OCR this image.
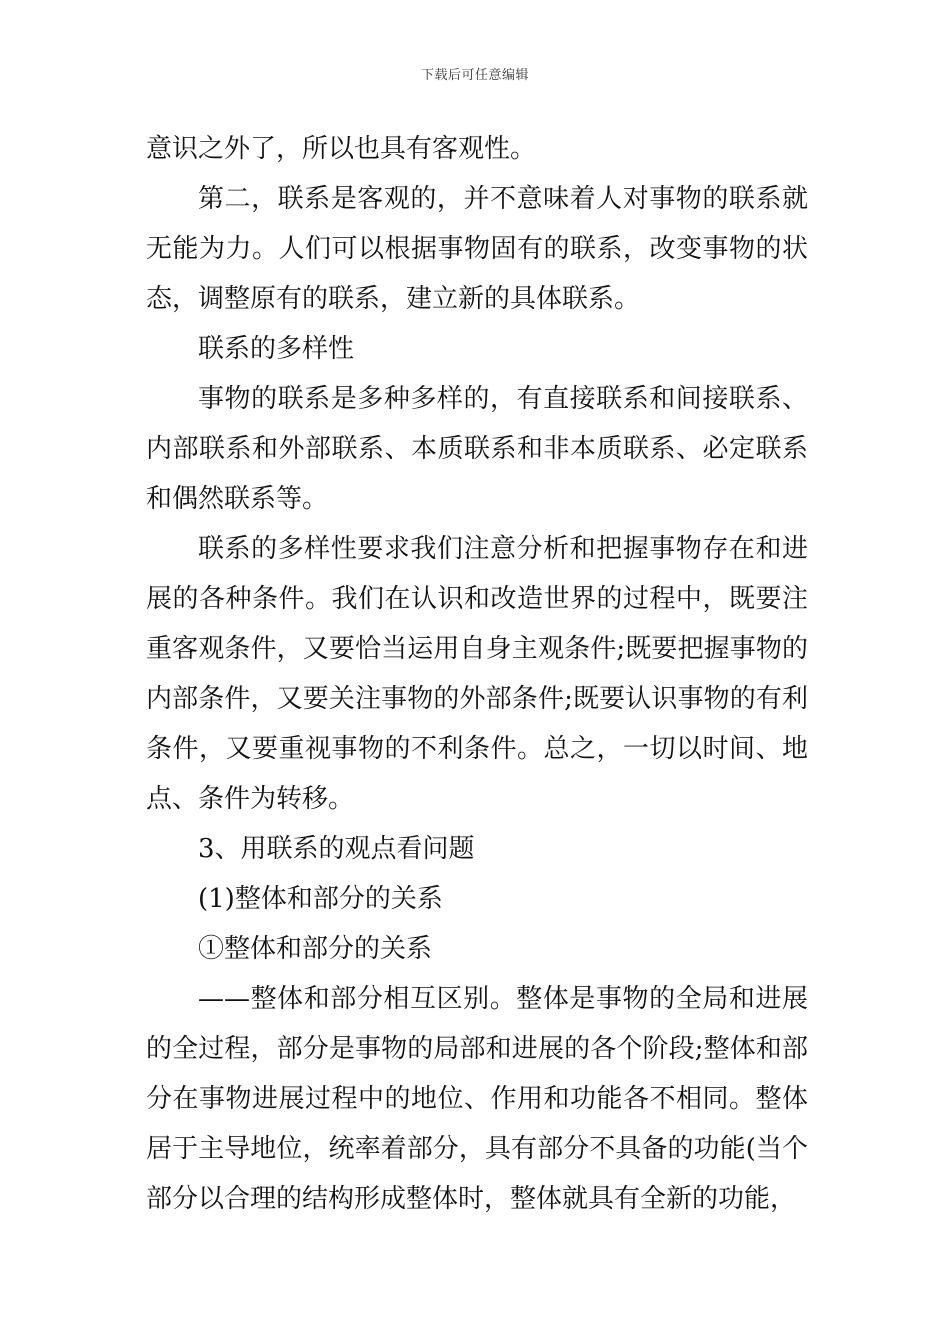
下载后可任意编辑

意识之外了，所以也具有客观性。

第二，联系是客观的，并不意味着人对事物的联系就无能为力。人们可以根据事物固有的联系，改变事物的状态，调整原有的联系，建立新的具体联系。

联系的多样性

事物的联系是多种多样的，有直接联系和间接联系、内部联系和外部联系、本质联系和非本质联系、必定联系和偶然联系等。

联系的多样性要求我们注意分析和把握事物存在和进展的各种条件。我们在认识和改造世界的过程中，既要注重客观条件，又要恰当运用自身主观条件;既要把握事物的内部条件，又要关注事物的外部条件;既要认识事物的有利条件，又要重视事物的不利条件。总之，一切以时间、地点、条件为转移。

3、用联系的观点看问题

(1)整体和部分的关系

①整体和部分的关系

——整体和部分相互区别。整体是事物的全局和进展的全过程，部分是事物的局部和进展的各个阶段;整体和部分在事物进展过程中的地位、作用和功能各不相同。整体居于主导地位，统率着部分，具有部分不具备的功能(当个部分以合理的结构形成整体时，整体就具有全新的功能，
